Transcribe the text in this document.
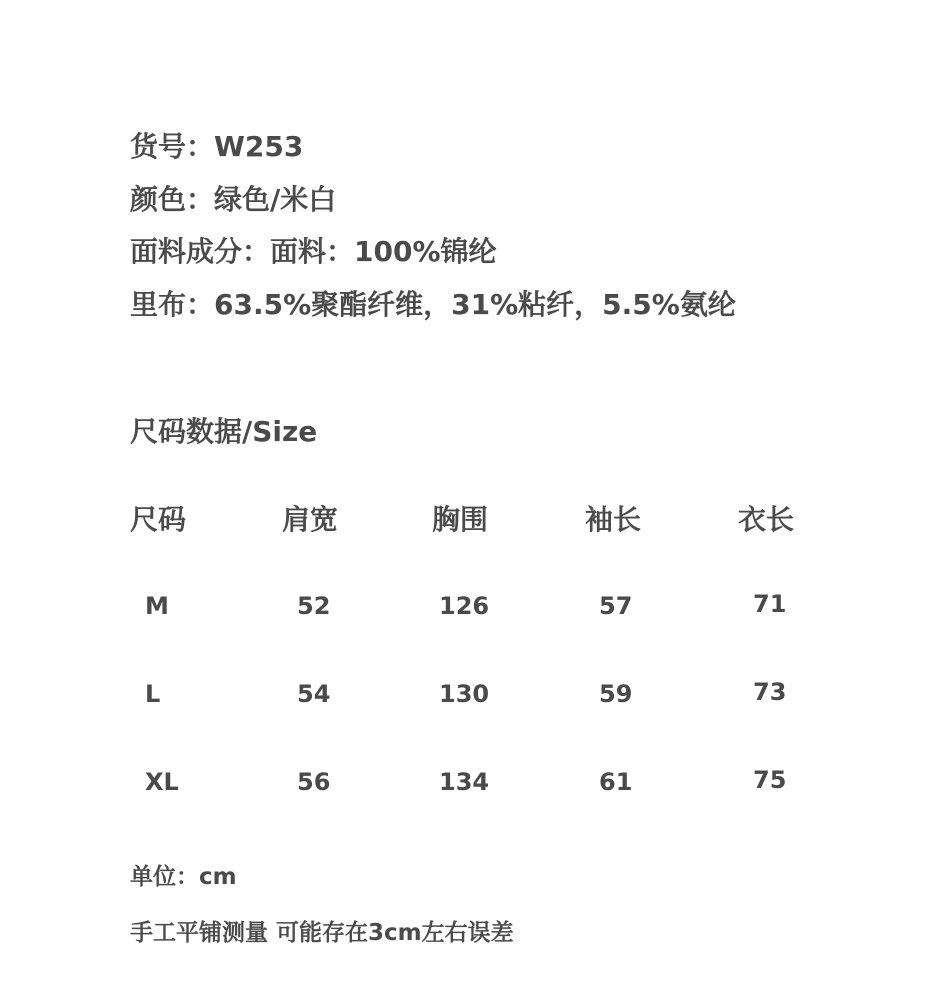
货号：W253
颜色：绿色/米白
面料成分：面料：100%锦纶
里布：63.5%聚酯纤维，31%粘纤，5.5%氨纶
尺码数据/Size
尺码	肩宽	胸围	袖长	衣长
M	52	126	57	71
L	54	130	59	73
XL	56	134	61	75
单位：cm
手工平铺测量 可能存在3cm左右误差
